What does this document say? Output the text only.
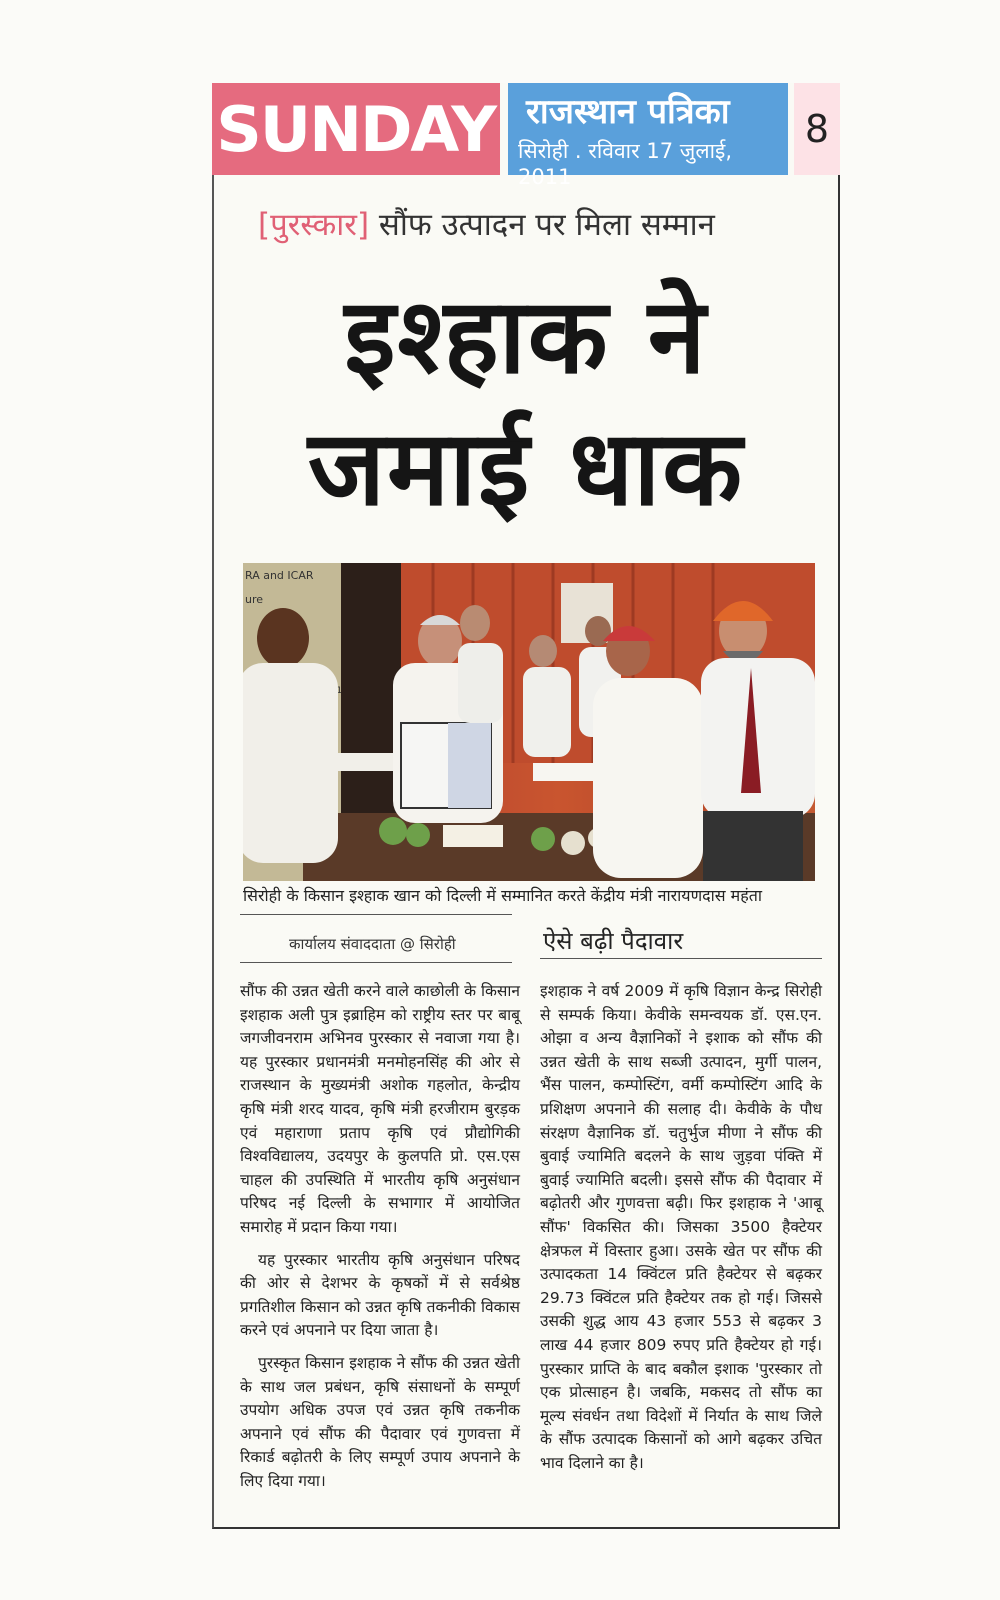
SUNDAY राजस्थान पत्रिका
सिरोही . रविवार 17 जुलाई, 2011
8
[पुरस्कार] सौंफ उत्पादन पर मिला सम्मान
इश्हाक ने
जमाई धाक
RA and ICAR
ure
सिरोही के किसान इश्हाक खान को दिल्ली में सम्मानित करते केंद्रीय मंत्री नारायणदास महंता
कार्यालय संवाददाता @ सिरोही	ऐसे बढ़ी पैदावार

सौंफ की उन्नत खेती करने वाले काछोली के किसान इशहाक अली पुत्र इब्राहिम को राष्ट्रीय स्तर पर बाबू जगजीवनराम अभिनव पुरस्कार से नवाजा गया है। यह पुरस्कार प्रधानमंत्री मनमोहनसिंह की ओर से राजस्थान के मुख्यमंत्री अशोक गहलोत, केन्द्रीय कृषि मंत्री शरद यादव, कृषि मंत्री हरजीराम बुरड़क एवं महाराणा प्रताप कृषि एवं प्रौद्योगिकी विश्वविद्यालय, उदयपुर के कुलपति प्रो. एस.एस चाहल की उपस्थिति में भारतीय कृषि अनुसंधान परिषद नई दिल्ली के सभागार में आयोजित समारोह में प्रदान किया गया।

यह पुरस्कार भारतीय कृषि अनुसंधान परिषद की ओर से देशभर के कृषकों में से सर्वश्रेष्ठ प्रगतिशील किसान को उन्नत कृषि तकनीकी विकास करने एवं अपनाने पर दिया जाता है।

पुरस्कृत किसान इशहाक ने सौंफ की उन्नत खेती के साथ जल प्रबंधन, कृषि संसाधनों के सम्पूर्ण उपयोग अधिक उपज एवं उन्नत कृषि तकनीक अपनाने एवं सौंफ की पैदावार एवं गुणवत्ता में रिकार्ड बढ़ोतरी के लिए सम्पूर्ण उपाय अपनाने के लिए दिया गया।

इशहाक ने वर्ष 2009 में कृषि विज्ञान केन्द्र सिरोही से सम्पर्क किया। केवीके समन्वयक डॉ. एस.एन. ओझा व अन्य वैज्ञानिकों ने इशाक को सौंफ की उन्नत खेती के साथ सब्जी उत्पादन, मुर्गी पालन, भैंस पालन, कम्पोस्टिंग, वर्मी कम्पोस्टिंग आदि के प्रशिक्षण अपनाने की सलाह दी। केवीके के पौध संरक्षण वैज्ञानिक डॉ. चतुर्भुज मीणा ने सौंफ की बुवाई ज्यामिति बदलने के साथ जुड़वा पंक्ति में बुवाई ज्यामिति बदली। इससे सौंफ की पैदावार में बढ़ोतरी और गुणवत्ता बढ़ी। फिर इशहाक ने 'आबू सौंफ' विकसित की। जिसका 3500 हैक्टेयर क्षेत्रफल में विस्तार हुआ। उसके खेत पर सौंफ की उत्पादकता 14 क्विंटल प्रति हैक्टेयर से बढ़कर 29.73 क्विंटल प्रति हैक्टेयर तक हो गई। जिससे उसकी शुद्ध आय 43 हजार 553 से बढ़कर 3 लाख 44 हजार 809 रुपए प्रति हैक्टेयर हो गई। पुरस्कार प्राप्ति के बाद बकौल इशाक 'पुरस्कार तो एक प्रोत्साहन है। जबकि, मकसद तो सौंफ का मूल्य संवर्धन तथा विदेशों में निर्यात के साथ जिले के सौंफ उत्पादक किसानों को आगे बढ़कर उचित भाव दिलाने का है।
